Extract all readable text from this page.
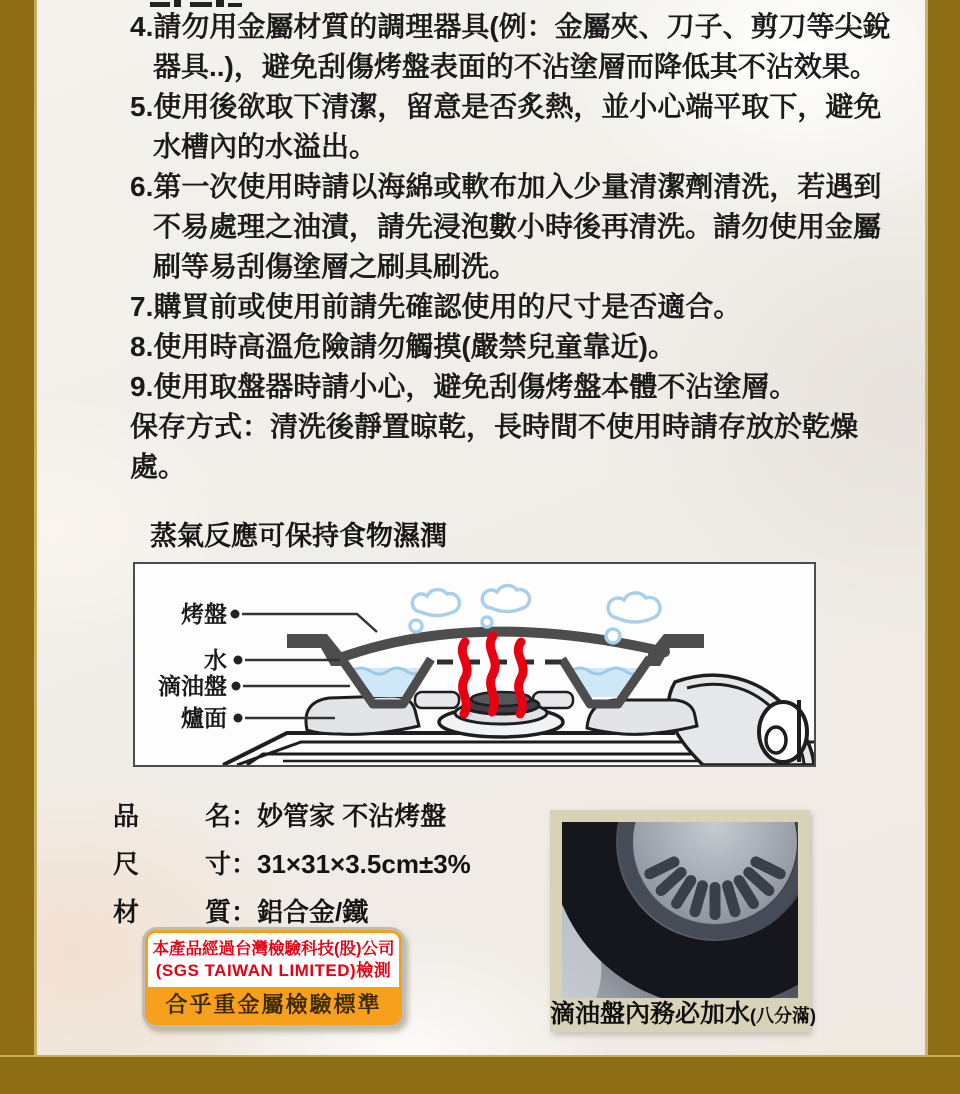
4.請勿用金屬材質的調理器具(例：金屬夾、刀子、剪刀等尖銳器具..)，避免刮傷烤盤表面的不沾塗層而降低其不沾效果。
5.使用後欲取下清潔，留意是否炙熱，並小心端平取下，避免水槽內的水溢出。
6.第一次使用時請以海綿或軟布加入少量清潔劑清洗，若遇到不易處理之油漬，請先浸泡數小時後再清洗。請勿使用金屬刷等易刮傷塗層之刷具刷洗。
7.購買前或使用前請先確認使用的尺寸是否適合。
8.使用時高溫危險請勿觸摸(嚴禁兒童靠近)。
9.使用取盤器時請小心，避免刮傷烤盤本體不沾塗層。
保存方式：清洗後靜置晾乾，長時間不使用時請存放於乾燥處。
蒸氣反應可保持食物濕潤
烤盤
水
滴油盤
爐面
品	名 ： 妙管家 不沾烤盤
尺	寸 ： 31×31×3.5cm±3%
材	質 ： 鋁合金/鐵
本產品經過台灣檢驗科技(股)公司
(SGS TAIWAN LIMITED)檢測
合乎重金屬檢驗標準	滴油盤內務必加水(八分滿)
